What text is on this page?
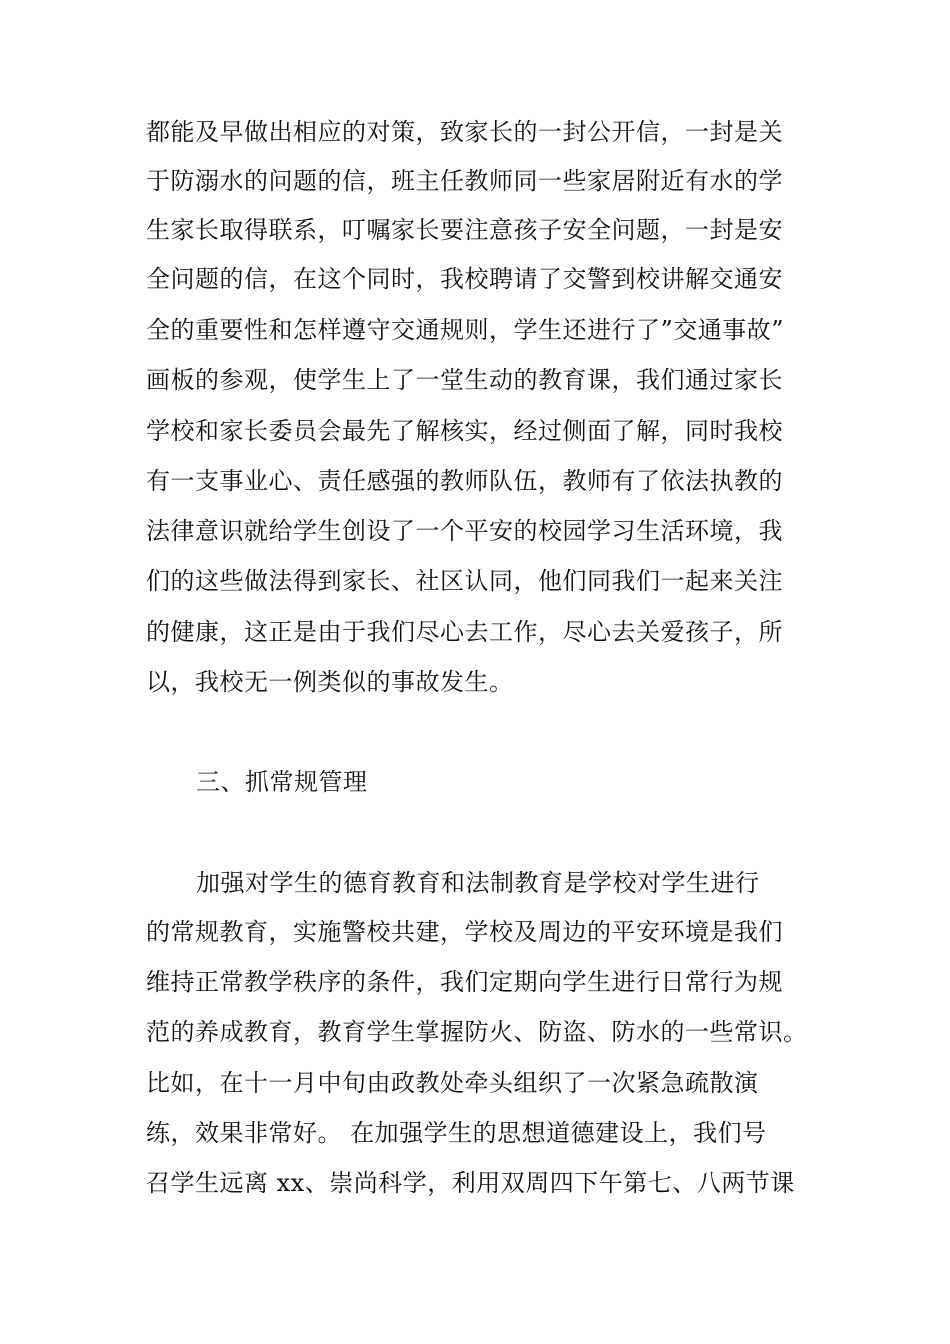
都能及早做出相应的对策，致家长的一封公开信，一封是关
于防溺水的问题的信，班主任教师同一些家居附近有水的学
生家长取得联系，叮嘱家长要注意孩子安全问题，一封是安
全问题的信，在这个同时，我校聘请了交警到校讲解交通安
全的重要性和怎样遵守交通规则，学生还进行了”交通事故”
画板的参观，使学生上了一堂生动的教育课，我们通过家长
学校和家长委员会最先了解核实，经过侧面了解，同时我校
有一支事业心、责任感强的教师队伍，教师有了依法执教的
法律意识就给学生创设了一个平安的校园学习生活环境，我
们的这些做法得到家长、社区认同，他们同我们一起来关注
的健康，这正是由于我们尽心去工作，尽心去关爱孩子，所
以，我校无一例类似的事故发生。
三、抓常规管理
加强对学生的德育教育和法制教育是学校对学生进行
的常规教育，实施警校共建，学校及周边的平安环境是我们
维持正常教学秩序的条件，我们定期向学生进行日常行为规
范的养成教育，教育学生掌握防火、防盗、防水的一些常识。
比如，在十一月中旬由政教处牵头组织了一次紧急疏散演
练，效果非常好。 在加强学生的思想道德建设上，我们号
召学生远离 xx、崇尚科学，利用双周四下午第七、八两节课
